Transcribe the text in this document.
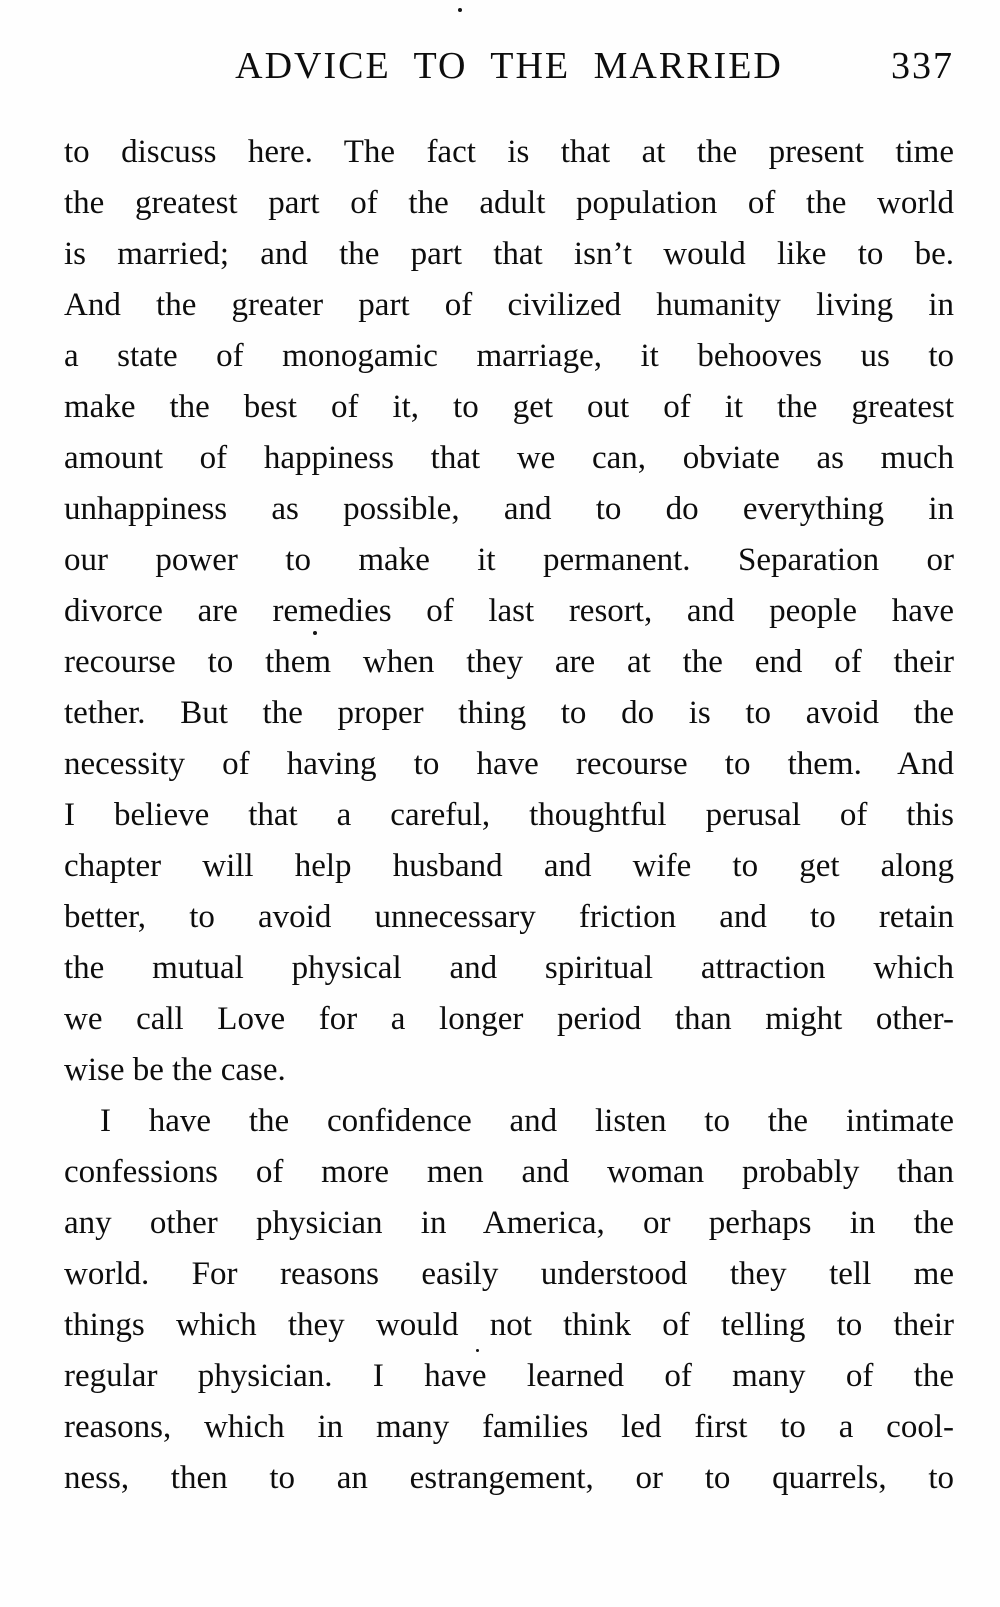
ADVICE TO THE MARRIED	337
to discuss here. The fact is that at the present time
the greatest part of the adult population of the world
is married; and the part that isn’t would like to be.
And the greater part of civilized humanity living in
a state of monogamic marriage, it behooves us to
make the best of it, to get out of it the greatest
amount of happiness that we can, obviate as much
unhappiness as possible, and to do everything in
our power to make it permanent. Separation or
divorce are remedies of last resort, and people have
recourse to them when they are at the end of their
tether. But the proper thing to do is to avoid the
necessity of having to have recourse to them. And
I believe that a careful, thoughtful perusal of this
chapter will help husband and wife to get along
better, to avoid unnecessary friction and to retain
the mutual physical and spiritual attraction which
we call Love for a longer period than might other-
wise be the case.
I have the confidence and listen to the intimate
confessions of more men and woman probably than
any other physician in America, or perhaps in the
world. For reasons easily understood they tell me
things which they would not think of telling to their
regular physician. I have learned of many of the
reasons, which in many families led first to a cool-
ness, then to an estrangement, or to quarrels, to
